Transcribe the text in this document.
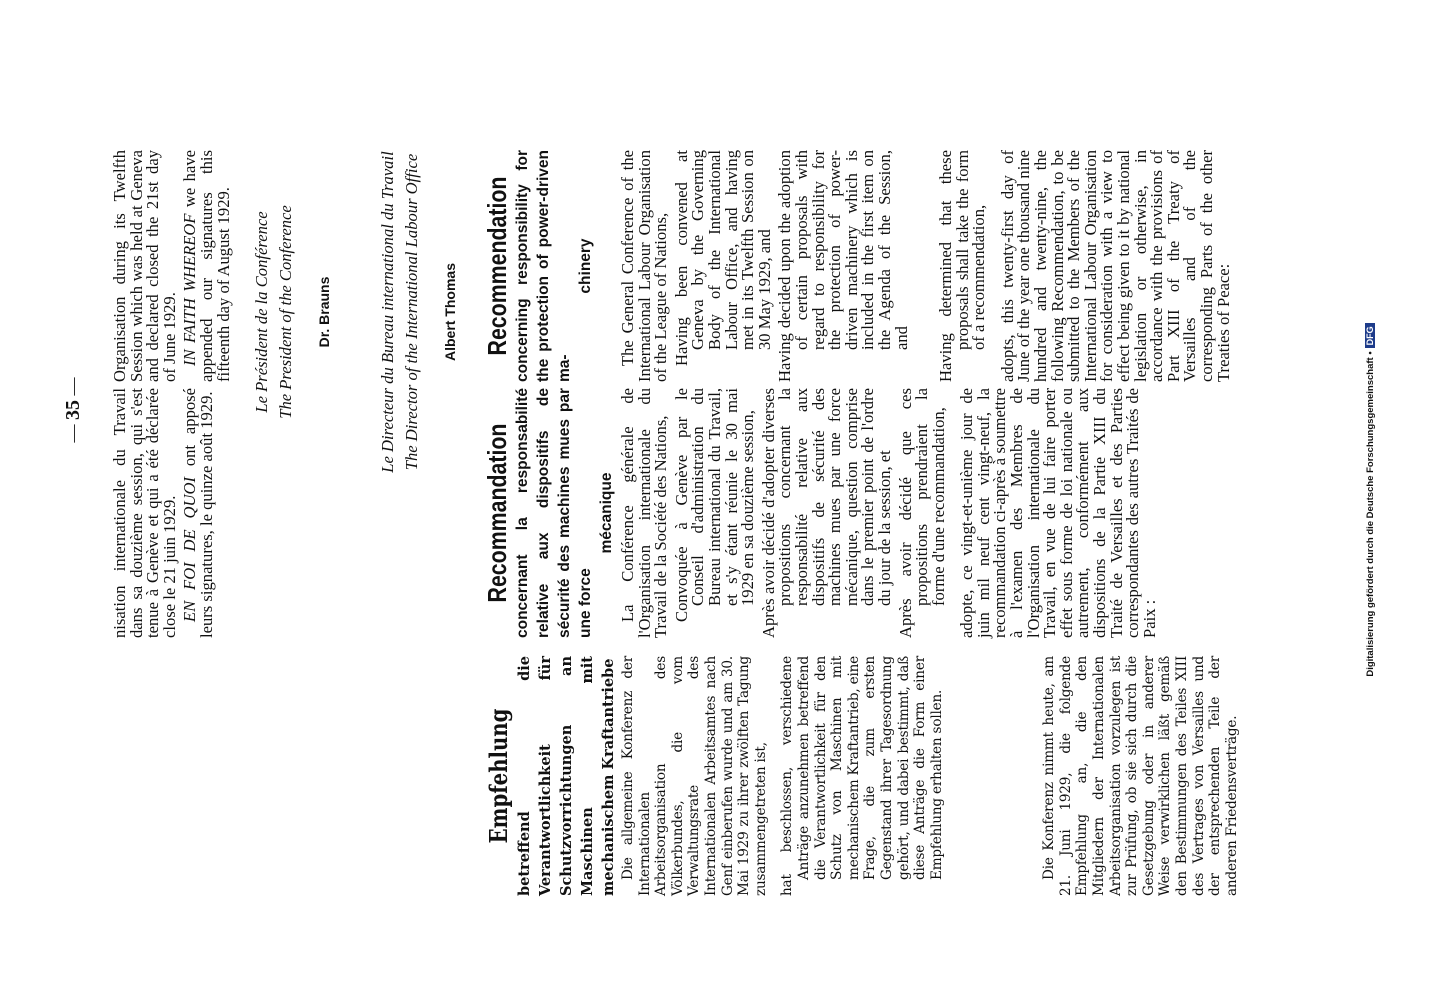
— 35 —

nisation internationale du Travail dans sa douzième session, qui s'est tenue à Genève et qui a été déclarée close le 21 juin 1929. EN FOI DE QUOI ont apposé leurs signatures, le quinze août 1929.

Organisation during its Twelfth Session which was held at Geneva and declared closed the 21st day of June 1929. IN FAITH WHEREOF we have appended our signatures this fifteenth day of August 1929. Le Président de la Conférence The President of the Conference Dr. Brauns	Le Directeur du Bureau international du Travail The Director of the International Labour Office Albert Thomas
Empfehlung betreffend die Verantwortlichkeit für Schutzvorrichtungen an Maschinen mit mechanischem Kraftantriebe Die allgemeine Konferenz der Internationalen Arbeitsorganisation des Völkerbundes, die vom Verwaltungsrate des Internationalen Arbeitsamtes nach Genf einberufen wurde und am 30. Mai 1929 zu ihrer zwölften Tagung zusammengetreten ist, hat beschlossen, verschiedene Anträge anzunehmen betreffend die Verantwortlichkeit für den Schutz von Maschinen mit mechanischem Kraftantrieb, eine Frage, die zum ersten Gegenstand ihrer Tagesordnung gehört, und dabei bestimmt, daß diese Anträge die Form einer Empfehlung erhalten sollen.	Die Konferenz nimmt heute, am 21. Juni 1929, die folgende Empfehlung an, die den Mitgliedern der Internationalen Arbeitsorganisation vorzulegen ist zur Prüfung, ob sie sich durch die Gesetzgebung oder in anderer Weise verwirklichen läßt gemäß den Bestimmungen des Teiles XIII des Vertrages von Versailles und der entsprechenden Teile der anderen Friedensverträge.

Recommandation concernant la responsabilité relative aux dispositifs de sécurité des machines mues par une force
mécanique La Conférence générale de l'Organisation internationale du Travail de la Société des Nations, Convoquée à Genève par le Conseil d'administration du Bureau international du Travail, et s'y étant réunie le 30 mai 1929 en sa douzième session, Après avoir décidé d'adopter diverses propositions concernant la responsabilité relative aux dispositifs de sécurité des machines mues par une force mécanique, question comprise dans le premier point de l'ordre du jour de la session, et Après avoir décidé que ces propositions prendraient la forme d'une recommandation, adopte, ce vingt-et-unième jour de juin mil neuf cent vingt-neuf, la recommandation ci-après à soumettre à l'examen des Membres de l'Organisation internationale du Travail, en vue de lui faire porter effet sous forme de loi nationale ou autrement, conformément aux dispositions de la Partie XIII du Traité de Versailles et des Parties correspondantes des autres Traités de Paix :

Recommendation concerning responsibility for the protection of power-driven ma-
chinery The General Conference of the International Labour Organisation of the League of Nations, Having been convened at Geneva by the Governing Body of the International Labour Office, and having met in its Twelfth Session on 30 May 1929, and Having decided upon the adoption of certain proposals with regard to responsibility for the protection of power-driven machinery which is included in the first item on the Agenda of the Session, and Having determined that these proposals shall take the form of a recommendation, adopts, this twenty-first day of June of the year one thousand nine hundred and twenty-nine, the following Recommendation, to be submitted to the Members of the International Labour Organisation for consideration with a view to effect being given to it by national legislation or otherwise, in accordance with the provisions of Part XIII of the Treaty of Versailles and of the corresponding Parts of the other Treaties of Peace:

Digitalisierung gefördert durch die Deutsche Forschungsgemeinschaft •DFG
